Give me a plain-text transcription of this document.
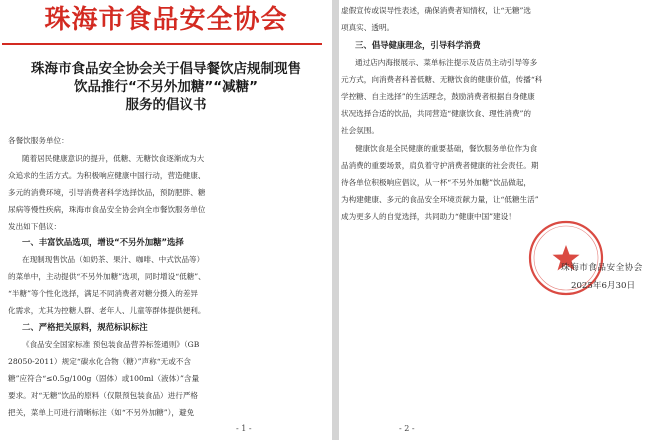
珠海市食品安全协会
珠海市食品安全协会关于倡导餐饮店规制现售
饮品推行“不另外加糖”“减糖”
服务的倡议书
各餐饮服务单位：
随着居民健康意识的提升，低糖、无糖饮食逐渐成为大
众追求的生活方式。为积极响应健康中国行动，营造健康、
多元的消费环境，引导消费者科学选择饮品，预防肥胖、糖
尿病等慢性疾病，珠海市食品安全协会向全市餐饮服务单位
发出如下倡议：
一、丰富饮品选项，增设“不另外加糖”选择
在现制现售饮品（如奶茶、果汁、咖啡、中式饮品等）
的菜单中，主动提供“不另外加糖”选项，同时增设“低糖”、
“半糖”等个性化选择，满足不同消费者对糖分摄入的差异
化需求，尤其为控糖人群、老年人、儿童等群体提供便利。
二、严格把关原料，规范标识标注
《食品安全国家标准 预包装食品营养标签通则》（GB
28050-2011）规定“碳水化合物（糖）”声称“无或不含
糖”应符合“≤0.5g/100g（固体）或100ml（液体）”含量
要求。对“无糖”饮品的原料（仅限预包装食品）进行严格
把关，菜单上可进行清晰标注（如“不另外加糖”），避免
- 1 -
虚假宣传或误导性表述，确保消费者知情权，让“无糖”选
项真实、透明。
三、倡导健康理念，引导科学消费
通过店内海报展示、菜单标注提示及店员主动引导等多
元方式，向消费者科普低糖、无糖饮食的健康价值，传播“科
学控糖、自主选择”的生活理念，鼓励消费者根据自身健康
状况选择合适的饮品，共同营造“健康饮食、理性消费”的
社会氛围。
健康饮食是全民健康的重要基础，餐饮服务单位作为食
品消费的重要场景，肩负着守护消费者健康的社会责任。期
待各单位积极响应倡议，从一杯“不另外加糖”饮品做起，
为构建健康、多元的食品安全环境贡献力量，让“低糖生活”
成为更多人的自觉选择，共同助力“健康中国”建设！
珠海市食品安全协会
2025年6月30日
- 2 -
